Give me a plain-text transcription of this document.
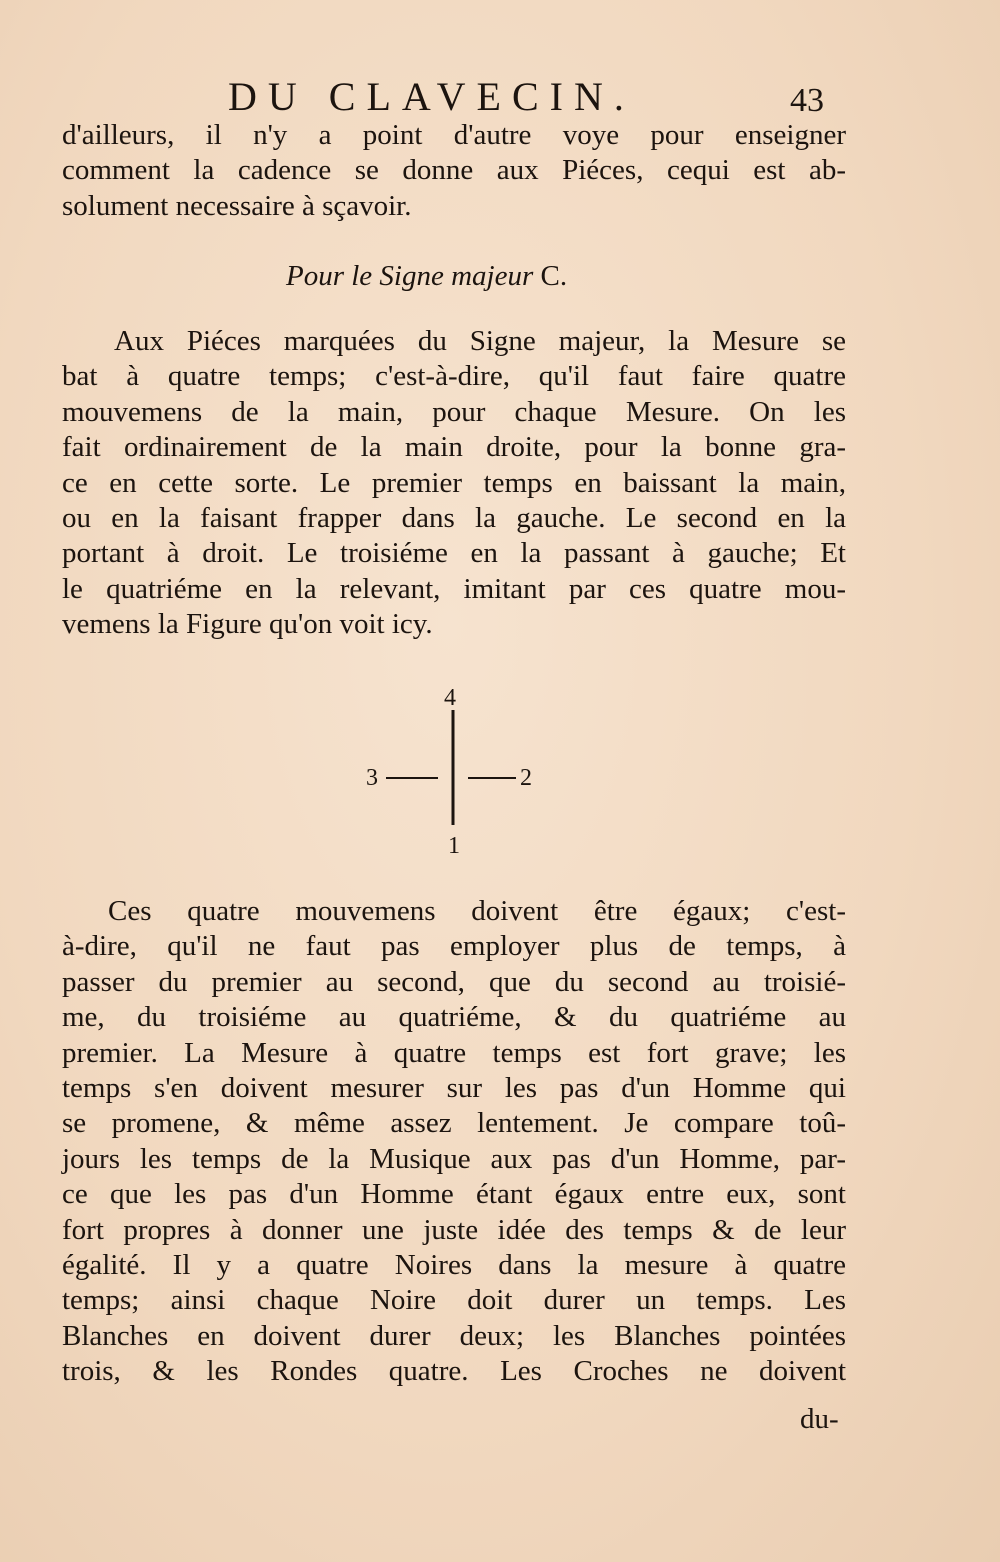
DU CLAVECIN.	43
d'ailleurs, il n'y a point d'autre voye pour enseigner
comment la cadence se donne aux Piéces, cequi est ab-
solument necessaire à sçavoir.
Pour le Signe majeur C.
Aux Piéces marquées du Signe majeur, la Mesure se
bat à quatre temps; c'est-à-dire, qu'il faut faire quatre
mouvemens de la main, pour chaque Mesure. On les
fait ordinairement de la main droite, pour la bonne gra-
ce en cette sorte. Le premier temps en baissant la main,
ou en la faisant frapper dans la gauche. Le second en la
portant à droit. Le troisiéme en la passant à gauche; Et
le quatriéme en la relevant, imitant par ces quatre mou-
vemens la Figure qu'on voit icy.
4
3	2
1
Ces quatre mouvemens doivent être égaux; c'est-
à-dire, qu'il ne faut pas employer plus de temps, à
passer du premier au second, que du second au troisié-
me, du troisiéme au quatriéme, & du quatriéme au
premier. La Mesure à quatre temps est fort grave; les
temps s'en doivent mesurer sur les pas d'un Homme qui
se promene, & même assez lentement. Je compare toû-
jours les temps de la Musique aux pas d'un Homme, par-
ce que les pas d'un Homme étant égaux entre eux, sont
fort propres à donner une juste idée des temps & de leur
égalité. Il y a quatre Noires dans la mesure à quatre
temps; ainsi chaque Noire doit durer un temps. Les
Blanches en doivent durer deux; les Blanches pointées
trois, & les Rondes quatre. Les Croches ne doivent
du-
